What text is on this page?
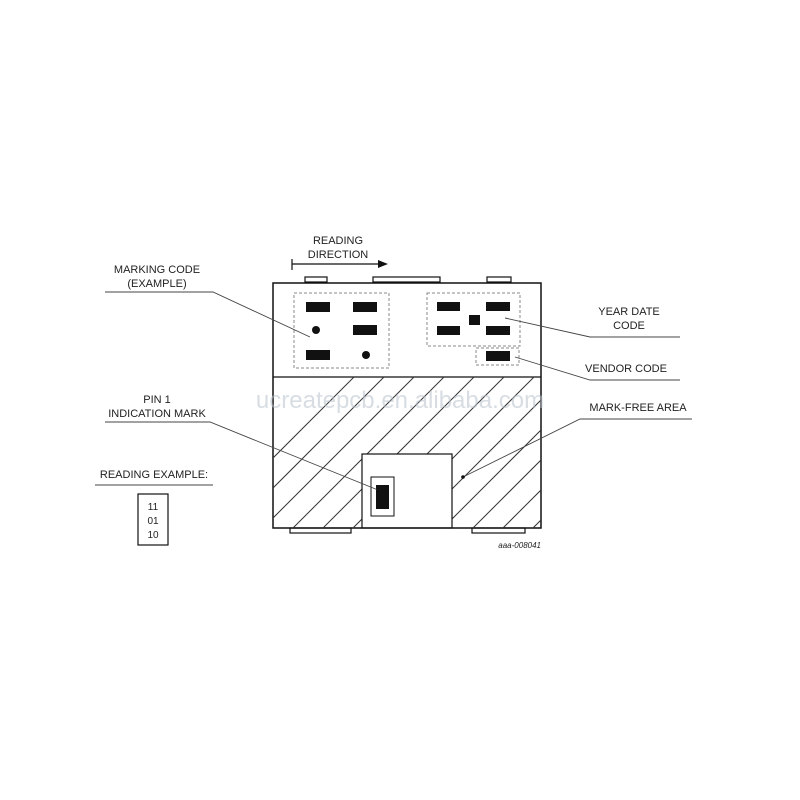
READING
DIRECTION
MARKING CODE
(EXAMPLE)
YEAR DATE
CODE
VENDOR CODE
PIN 1
INDICATION MARK	MARK-FREE AREA
READING EXAMPLE:
11
01
10
aaa-008041
ucreatepcb.en.alibaba.com
